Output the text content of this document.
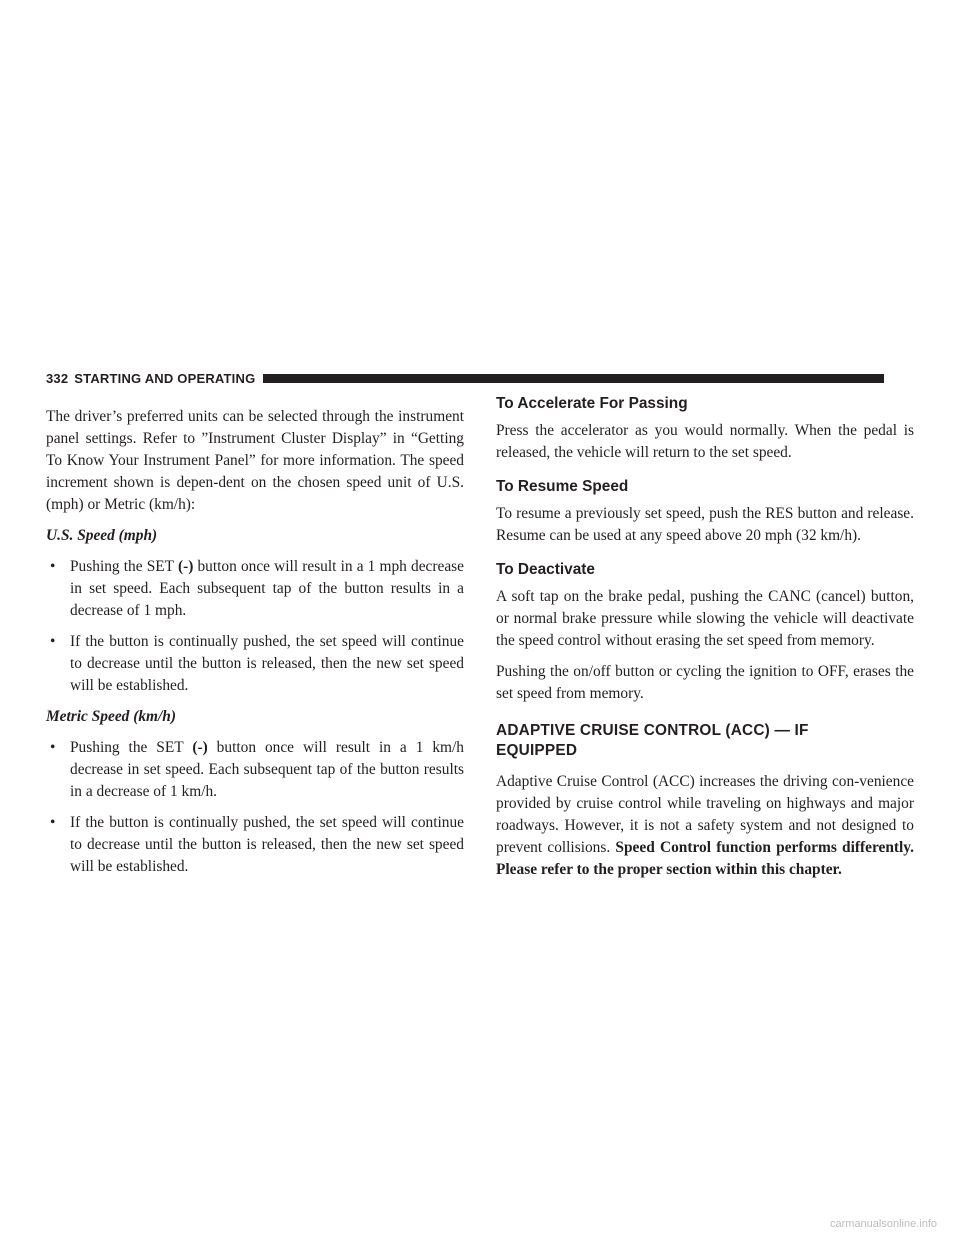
332 STARTING AND OPERATING

The driver’s preferred units can be selected through the instrument panel settings. Refer to ”Instrument Cluster Display” in “Getting To Know Your Instrument Panel” for more information. The speed increment shown is depen-dent on the chosen speed unit of U.S. (mph) or Metric (km/h):

U.S. Speed (mph)

• Pushing the SET (-) button once will result in a 1 mph decrease in set speed. Each subsequent tap of the button results in a decrease of 1 mph.
• If the button is continually pushed, the set speed will continue to decrease until the button is released, then the new set speed will be established.

Metric Speed (km/h)

• Pushing the SET (-) button once will result in a 1 km/h decrease in set speed. Each subsequent tap of the button results in a decrease of 1 km/h.
• If the button is continually pushed, the set speed will continue to decrease until the button is released, then the new set speed will be established.
To Accelerate For Passing

Press the accelerator as you would normally. When the pedal is released, the vehicle will return to the set speed.

To Resume Speed

To resume a previously set speed, push the RES button and release. Resume can be used at any speed above 20 mph (32 km/h).

To Deactivate

A soft tap on the brake pedal, pushing the CANC (cancel) button, or normal brake pressure while slowing the vehicle will deactivate the speed control without erasing the set speed from memory.

Pushing the on/off button or cycling the ignition to OFF, erases the set speed from memory.

ADAPTIVE CRUISE CONTROL (ACC) — IF
EQUIPPED

Adaptive Cruise Control (ACC) increases the driving con-venience provided by cruise control while traveling on highways and major roadways. However, it is not a safety system and not designed to prevent collisions. Speed Control function performs differently. Please refer to the proper section within this chapter.

carmanualsonline.info
